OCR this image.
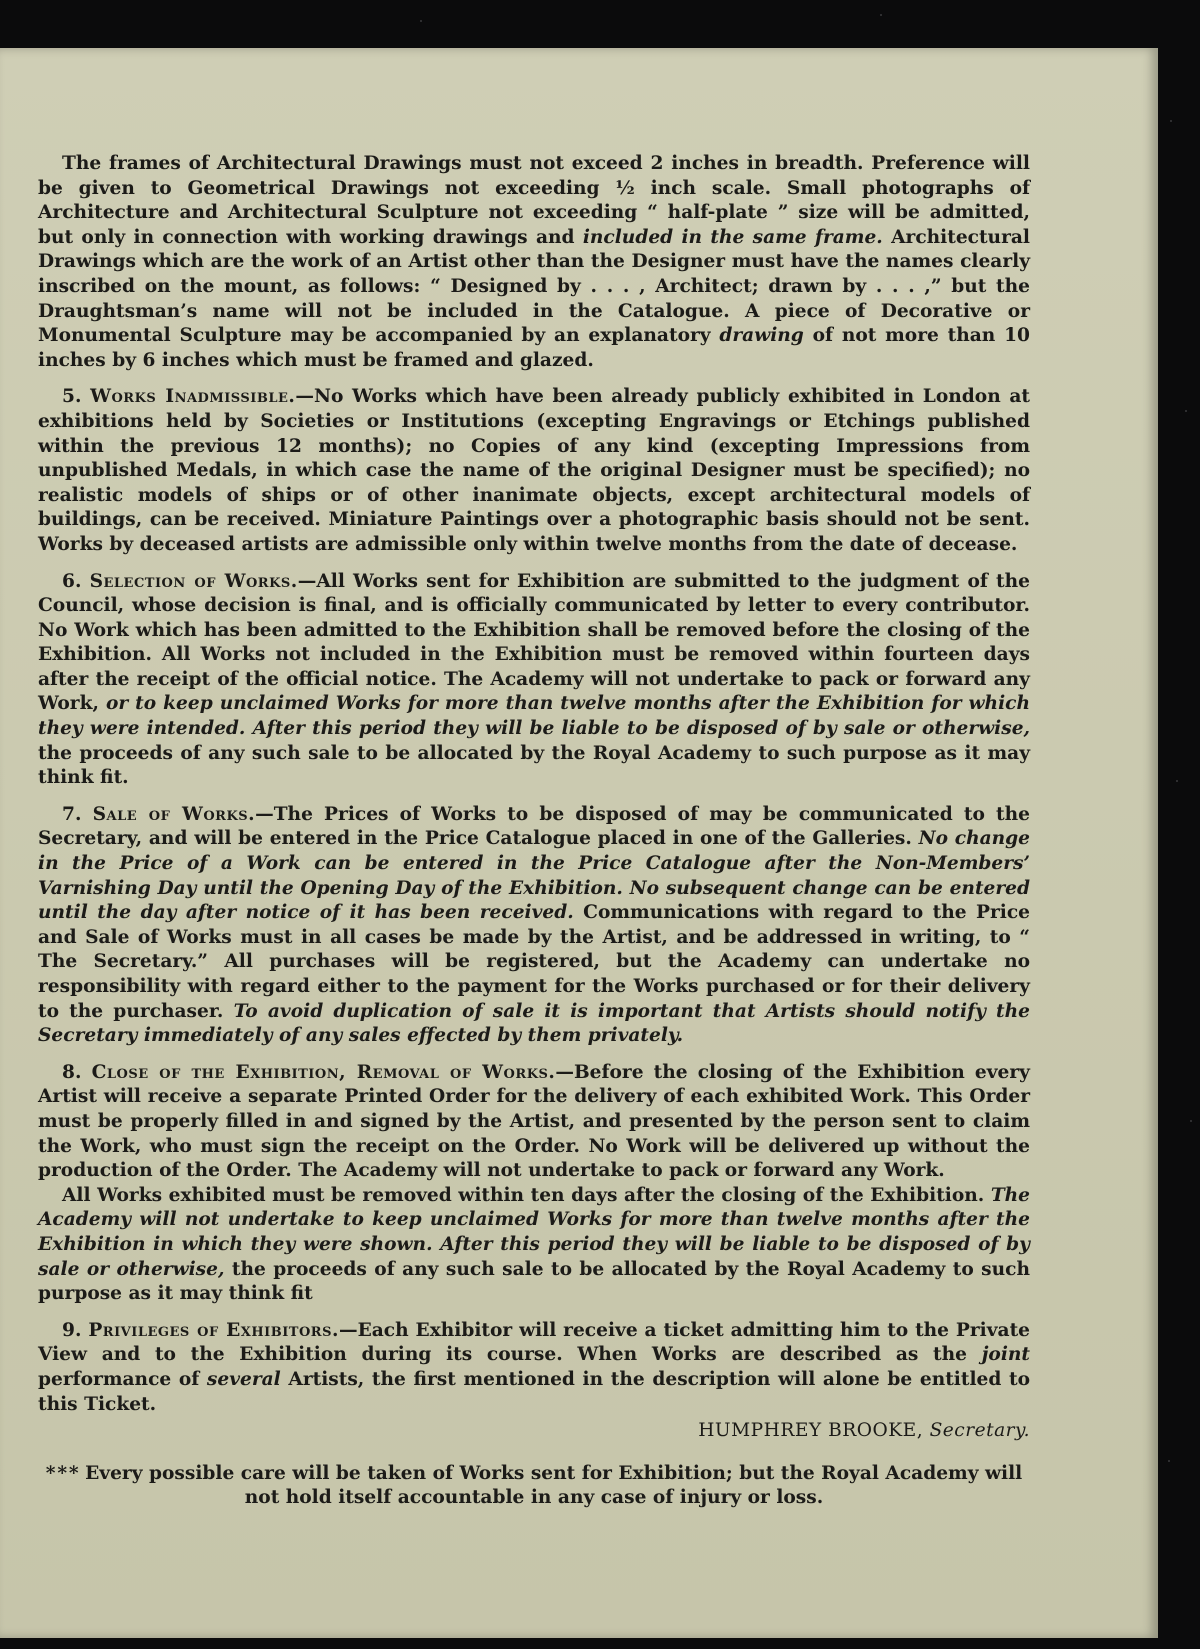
The frames of Architectural Drawings must not exceed 2 inches in breadth. Preference will be given to Geometrical Drawings not exceeding ½ inch scale. Small photographs of Architecture and Architectural Sculpture not exceeding “ half-plate ” size will be admitted, but only in connection with working drawings and included in the same frame. Architectural Drawings which are the work of an Artist other than the Designer must have the names clearly inscribed on the mount, as follows: “ Designed by . . . , Architect; drawn by . . . ,” but the Draughtsman’s name will not be included in the Catalogue. A piece of Decorative or Monumental Sculpture may be accompanied by an explanatory drawing of not more than 10 inches by 6 inches which must be framed and glazed.

5. Works Inadmissible.—No Works which have been already publicly exhibited in London at exhibitions held by Societies or Institutions (excepting Engravings or Etchings published within the previous 12 months); no Copies of any kind (excepting Impressions from unpublished Medals, in which case the name of the original Designer must be specified); no realistic models of ships or of other inanimate objects, except architectural models of buildings, can be received. Miniature Paintings over a photographic basis should not be sent. Works by deceased artists are admissible only within twelve months from the date of decease.

6. Selection of Works.—All Works sent for Exhibition are submitted to the judgment of the Council, whose decision is final, and is officially communicated by letter to every contributor. No Work which has been admitted to the Exhibition shall be removed before the closing of the Exhibition. All Works not included in the Exhibition must be removed within fourteen days after the receipt of the official notice. The Academy will not undertake to pack or forward any Work, or to keep unclaimed Works for more than twelve months after the Exhibition for which they were intended. After this period they will be liable to be disposed of by sale or otherwise, the proceeds of any such sale to be allocated by the Royal Academy to such purpose as it may think fit.

7. Sale of Works.—The Prices of Works to be disposed of may be communicated to the Secretary, and will be entered in the Price Catalogue placed in one of the Galleries. No change in the Price of a Work can be entered in the Price Catalogue after the Non-Members’ Varnishing Day until the Opening Day of the Exhibition. No subsequent change can be entered until the day after notice of it has been received. Communications with regard to the Price and Sale of Works must in all cases be made by the Artist, and be addressed in writing, to “ The Secretary.” All purchases will be registered, but the Academy can undertake no responsibility with regard either to the payment for the Works purchased or for their delivery to the purchaser. To avoid duplication of sale it is important that Artists should notify the Secretary immediately of any sales effected by them privately.

8. Close of the Exhibition, Removal of Works.—Before the closing of the Exhibition every Artist will receive a separate Printed Order for the delivery of each exhibited Work. This Order must be properly filled in and signed by the Artist, and presented by the person sent to claim the Work, who must sign the receipt on the Order. No Work will be delivered up without the production of the Order. The Academy will not undertake to pack or forward any Work.

All Works exhibited must be removed within ten days after the closing of the Exhibition. The Academy will not undertake to keep unclaimed Works for more than twelve months after the Exhibition in which they were shown. After this period they will be liable to be disposed of by sale or otherwise, the proceeds of any such sale to be allocated by the Royal Academy to such purpose as it may think fit

9. Privileges of Exhibitors.—Each Exhibitor will receive a ticket admitting him to the Private View and to the Exhibition during its course. When Works are described as the joint performance of several Artists, the first mentioned in the description will alone be entitled to this Ticket.

HUMPHREY BROOKE, Secretary.
* * * Every possible care will be taken of Works sent for Exhibition; but the Royal Academy will not hold itself accountable in any case of injury or loss.
